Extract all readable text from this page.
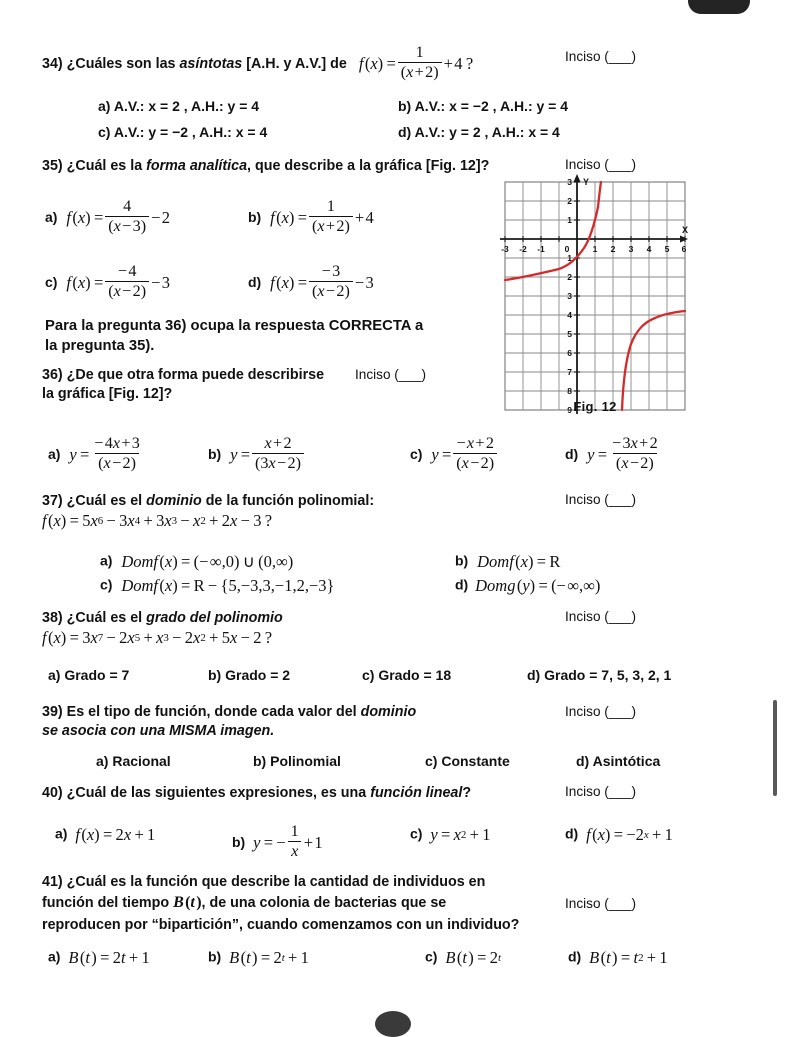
34) ¿Cuáles son las asíntotas [A.H. y A.V.] de f  ( x ) = $\frac{1}{(x + 2)}$ + 4 ?	Inciso (___)
a) A.V.: x = 2 , A.H.: y = 4	b) A.V.: x = −2 , A.H.: y = 4
c) A.V.: y = −2 , A.H.: x = 4	d) A.V.: y = 2 , A.H.: x = 4
35) ¿Cuál es la forma analítica, que describe a la gráfica [Fig. 12]?	Inciso (___)
a) f  ( x ) = $\frac{4}{(x - 3)}$ − 2	b) f  ( x ) = $\frac{1}{(x + 2)}$ + 4
c) f  ( x ) = $\frac{- 4}{(x - 2)}$ − 3	d) f  ( x ) = $\frac{- 3}{(x - 2)}$ − 3
-3 -2 -1 0	1 2 3 4 5 6
3
2
1
1
2
3
4
5
6
7
8
9
X
Y
Fig. 12
Para la pregunta 36) ocupa la respuesta CORRECTA a
la pregunta 35).
36) ¿De que otra forma puede describirse
la gráfica [Fig. 12]?
Inciso (___)
a) $y = \frac{- 4x + 3}{(x - 2)}$	b) $y = \frac{x + 2}{(3x - 2)}$	c) $y = \frac{- x + 2}{(x - 2)}$	d) $y = \frac{- 3x + 2}{(x - 2)}$
37) ¿Cuál es el dominio de la función polinomial:	Inciso (___)
f  ( x ) = 5 x 6  − 3 x 4  + 3 x 3  −  x 2  + 2 x  − 3 ?
a) Domf  ( x ) = (− ∞,0) ∪ (0,∞)	b) Domf  ( x ) = R
c) Domf  ( x ) = R − {5,−3,3,−1,2,−3}	d) Domg  ( y ) = (− ∞,∞)
38) ¿Cuál es el grado del polinomio	Inciso (___)
f  ( x ) = 3 x 7  − 2 x 5  +  x 3  − 2 x 2  + 5 x  − 2 ?
a) Grado = 7	b) Grado = 2	c) Grado = 18	d) Grado = 7, 5, 3, 2, 1
39) Es el tipo de función, donde cada valor del dominio
se asocia con una MISMA imagen.
Inciso (___)
a) Racional	b) Polinomial	c) Constante	d) Asintótica
40) ¿Cuál de las siguientes expresiones, es una función lineal?	Inciso (___)
a) f  ( x ) = 2 x  + 1	b) y  = − $\frac{1}{x}$ + 1	c) y  =  x 2  + 1	d) f  ( x ) = −2 x  + 1
41) ¿Cuál es la función que describe la cantidad de individuos en
función del tiempo B  ( t  ), de una colonia de bacterias que se
reproducen por “bipartición”, cuando comenzamos con un individuo?
Inciso (___)
a) B  ( t  ) = 2 t  + 1	b) B  ( t  ) = 2 t  + 1	c) B  ( t  ) = 2 t	d) B  ( t  ) =  t 2  + 1
